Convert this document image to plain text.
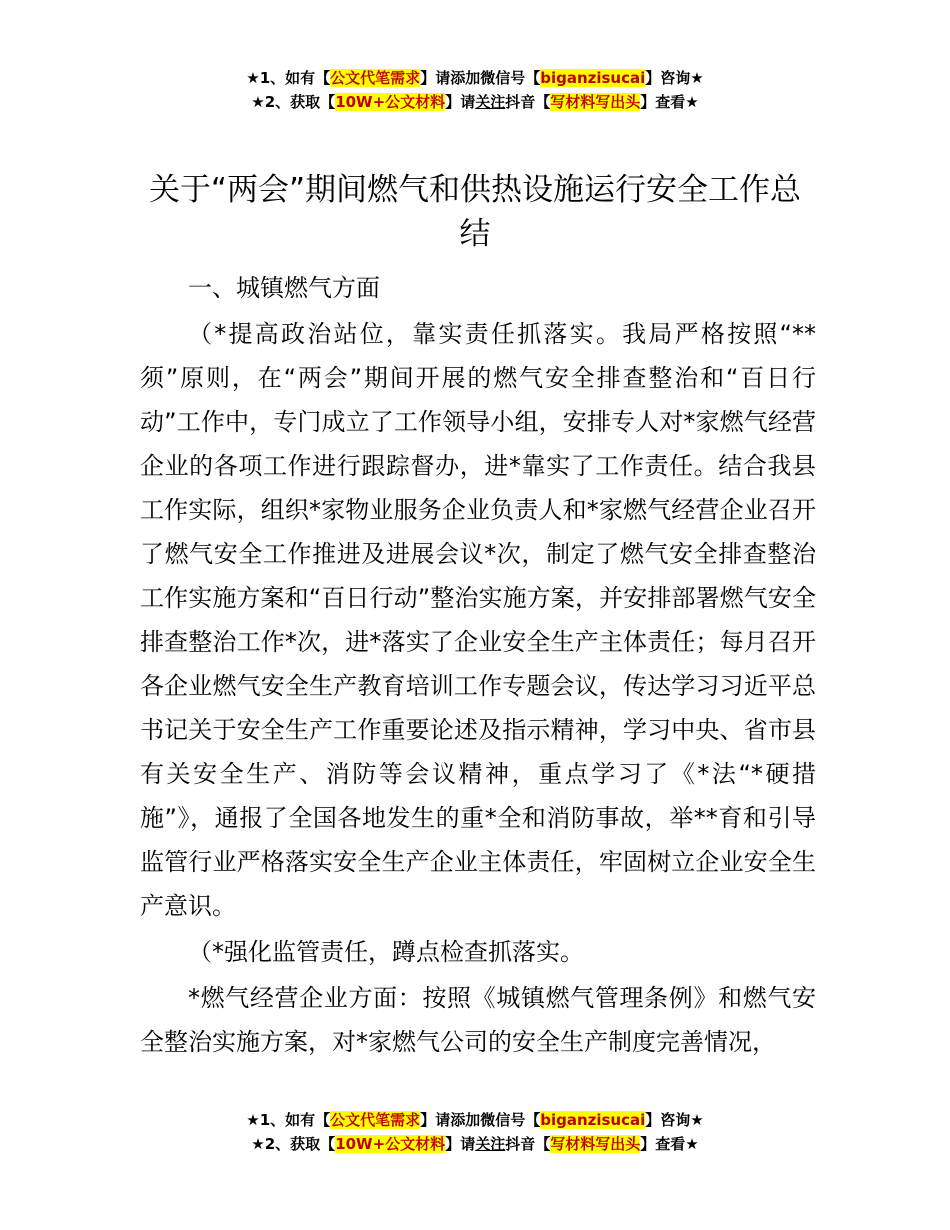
★1、如有【公文代笔需求】请添加微信号【biganzisucai】咨询★
★2、获取【10W+公文材料】请关注抖音【写材料写出头】查看★
关于“两会”期间燃气和供热设施运行安全工作总结

一、城镇燃气方面

（*提高政治站位，靠实责任抓落实。我局严格按照“**须”原则，在“两会”期间开展的燃气安全排查整治和“百日行动”工作中，专门成立了工作领导小组，安排专人对*家燃气经营企业的各项工作进行跟踪督办，进*靠实了工作责任。结合我县工作实际，组织*家物业服务企业负责人和*家燃气经营企业召开了燃气安全工作推进及进展会议*次，制定了燃气安全排查整治工作实施方案和“百日行动”整治实施方案，并安排部署燃气安全排查整治工作*次，进*落实了企业安全生产主体责任；每月召开各企业燃气安全生产教育培训工作专题会议，传达学习习近平总书记关于安全生产工作重要论述及指示精神，学习中央、省市县有关安全生产、消防等会议精神，重点学习了《*法“*硬措施”》，通报了全国各地发生的重*全和消防事故，举**育和引导监管行业严格落实安全生产企业主体责任，牢固树立企业安全生产意识。

（*强化监管责任，蹲点检查抓落实。

*燃气经营企业方面：按照《城镇燃气管理条例》和燃气安全整治实施方案，对*家燃气公司的安全生产制度完善情况，

★1、如有【公文代笔需求】请添加微信号【biganzisucai】咨询★
★2、获取【10W+公文材料】请关注抖音【写材料写出头】查看★
